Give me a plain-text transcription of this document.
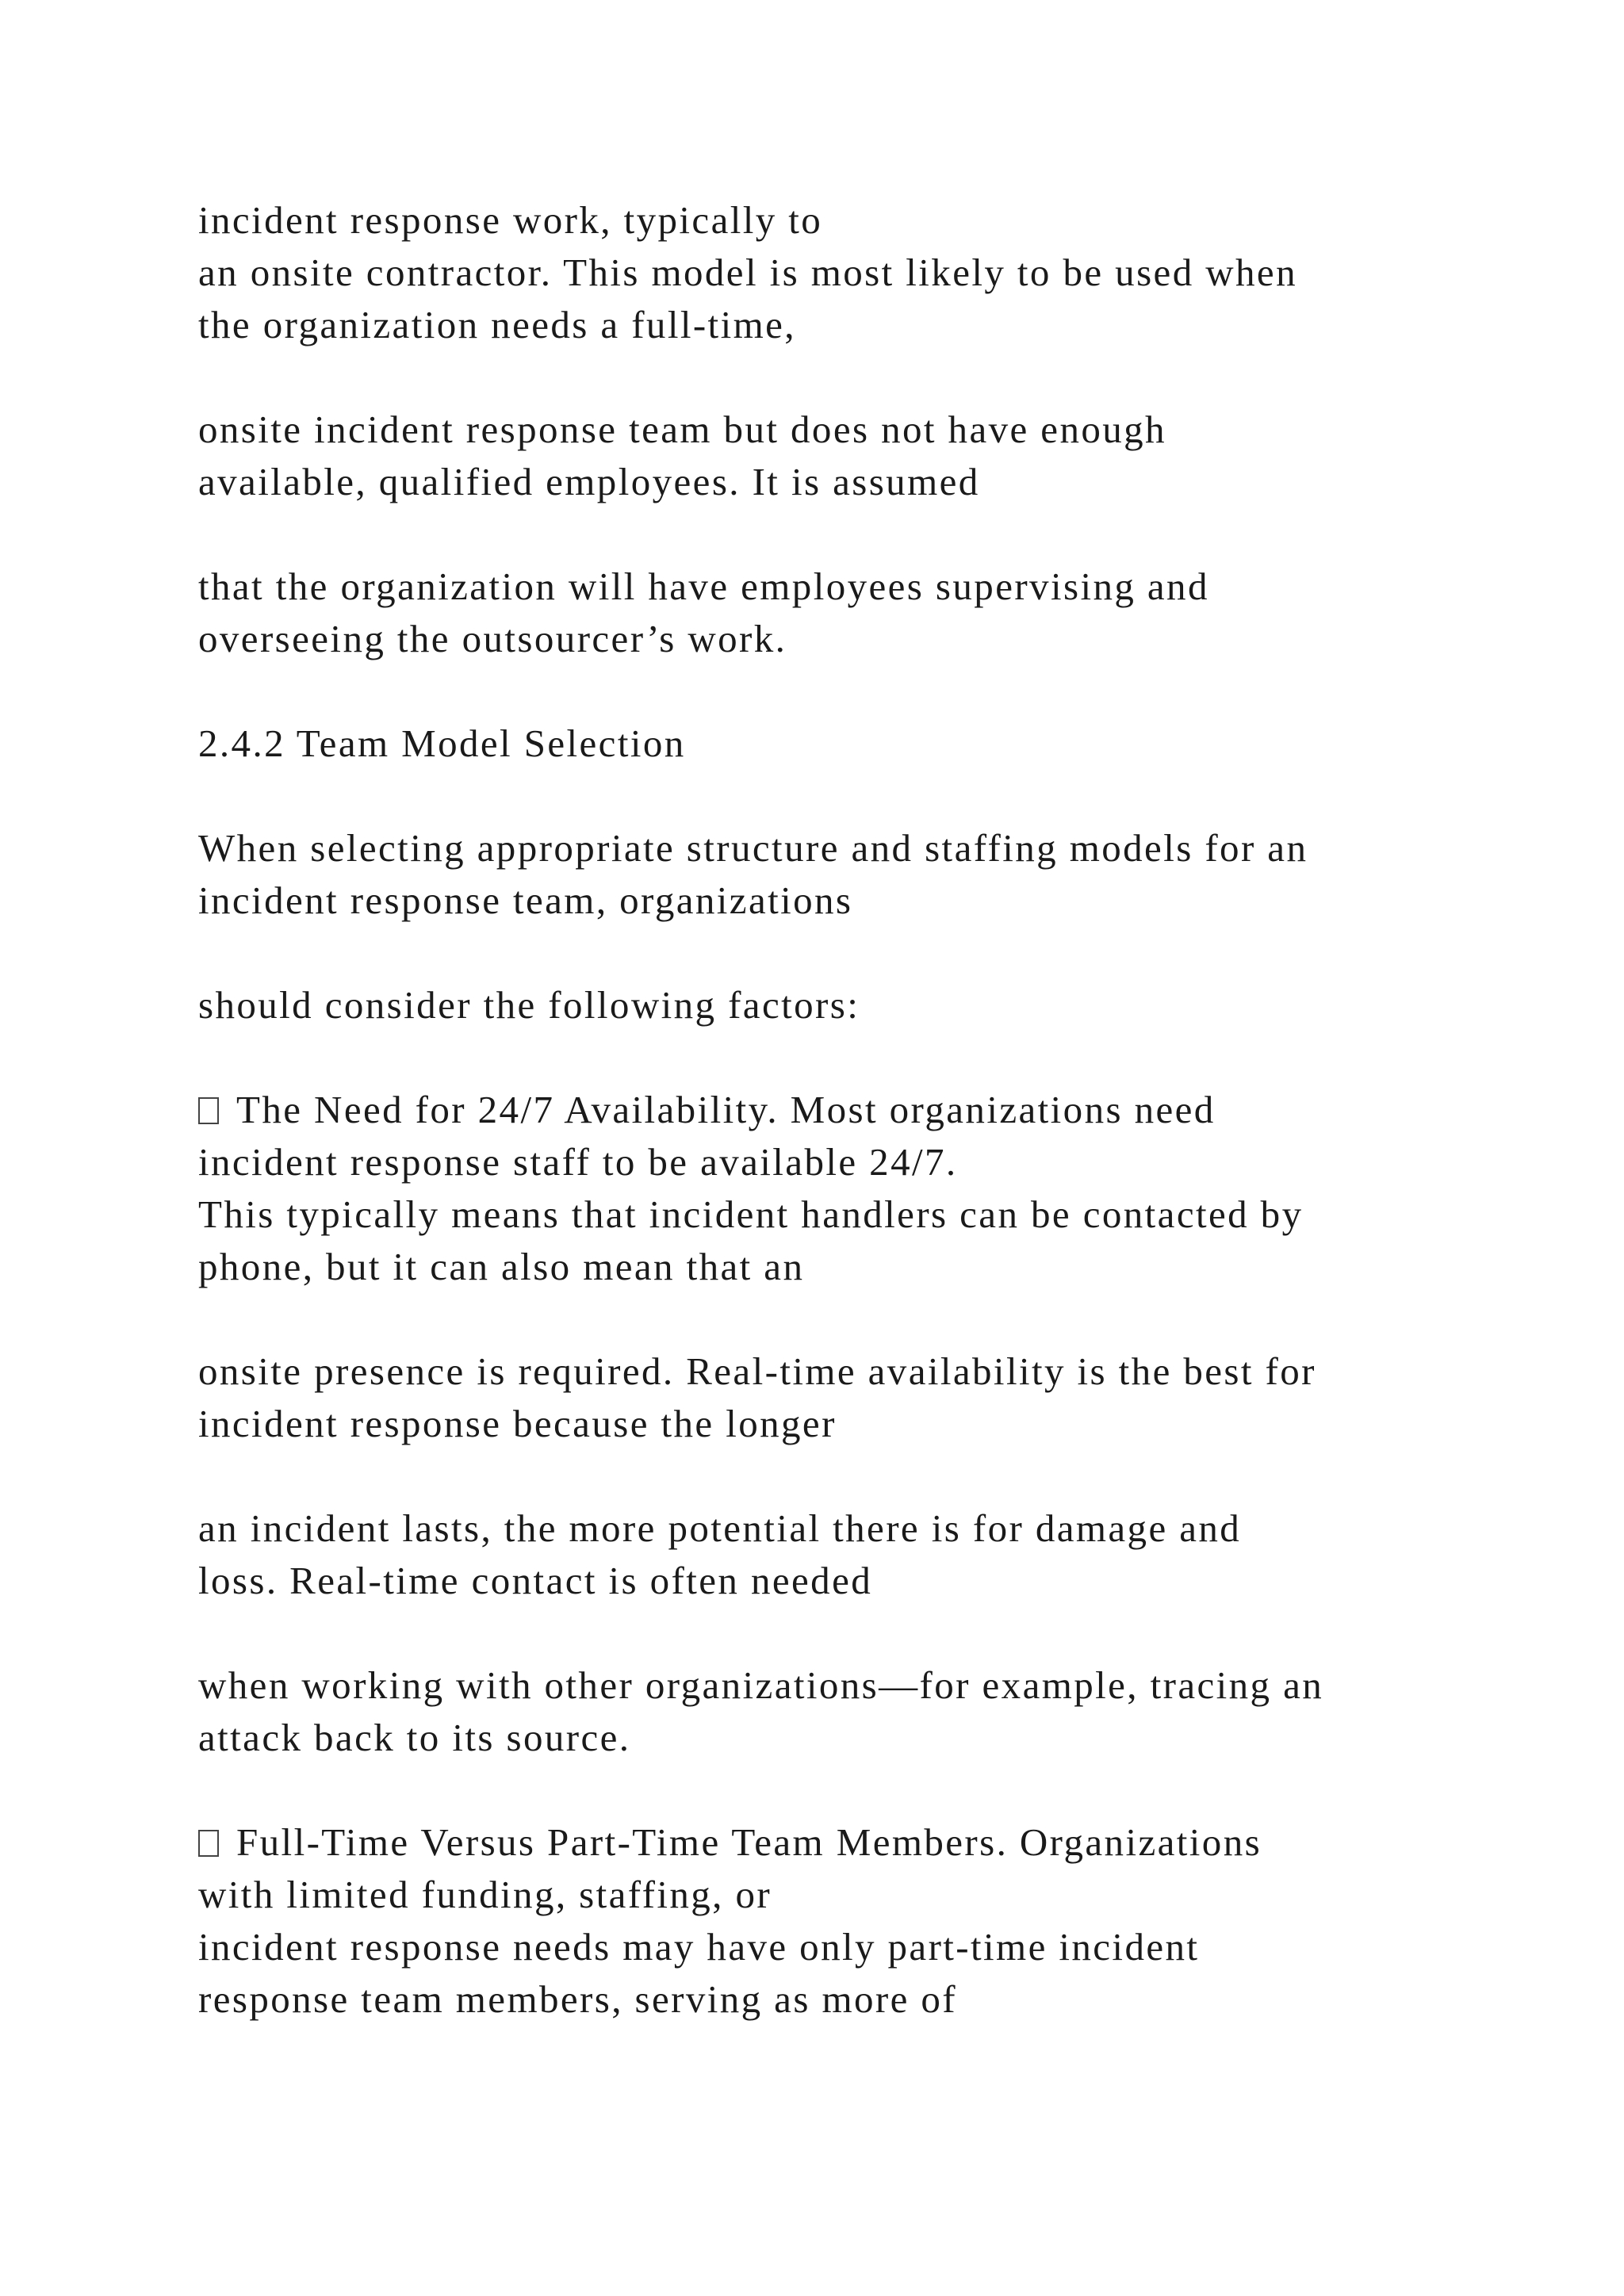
incident response work, typically to
an onsite contractor. This model is most likely to be used when
the organization needs a full-time,
onsite incident response team but does not have enough
available, qualified employees. It is assumed
that the organization will have employees supervising and
overseeing the outsourcer’s work.
2.4.2 Team Model Selection
When selecting appropriate structure and staffing models for an
incident response team, organizations
should consider the following factors:
The Need for 24/7 Availability. Most organizations need
incident response staff to be available 24/7.
This typically means that incident handlers can be contacted by
phone, but it can also mean that an
onsite presence is required. Real-time availability is the best for
incident response because the longer
an incident lasts, the more potential there is for damage and
loss. Real-time contact is often needed
when working with other organizations—for example, tracing an
attack back to its source.
Full-Time Versus Part-Time Team Members. Organizations
with limited funding, staffing, or
incident response needs may have only part-time incident
response team members, serving as more of
